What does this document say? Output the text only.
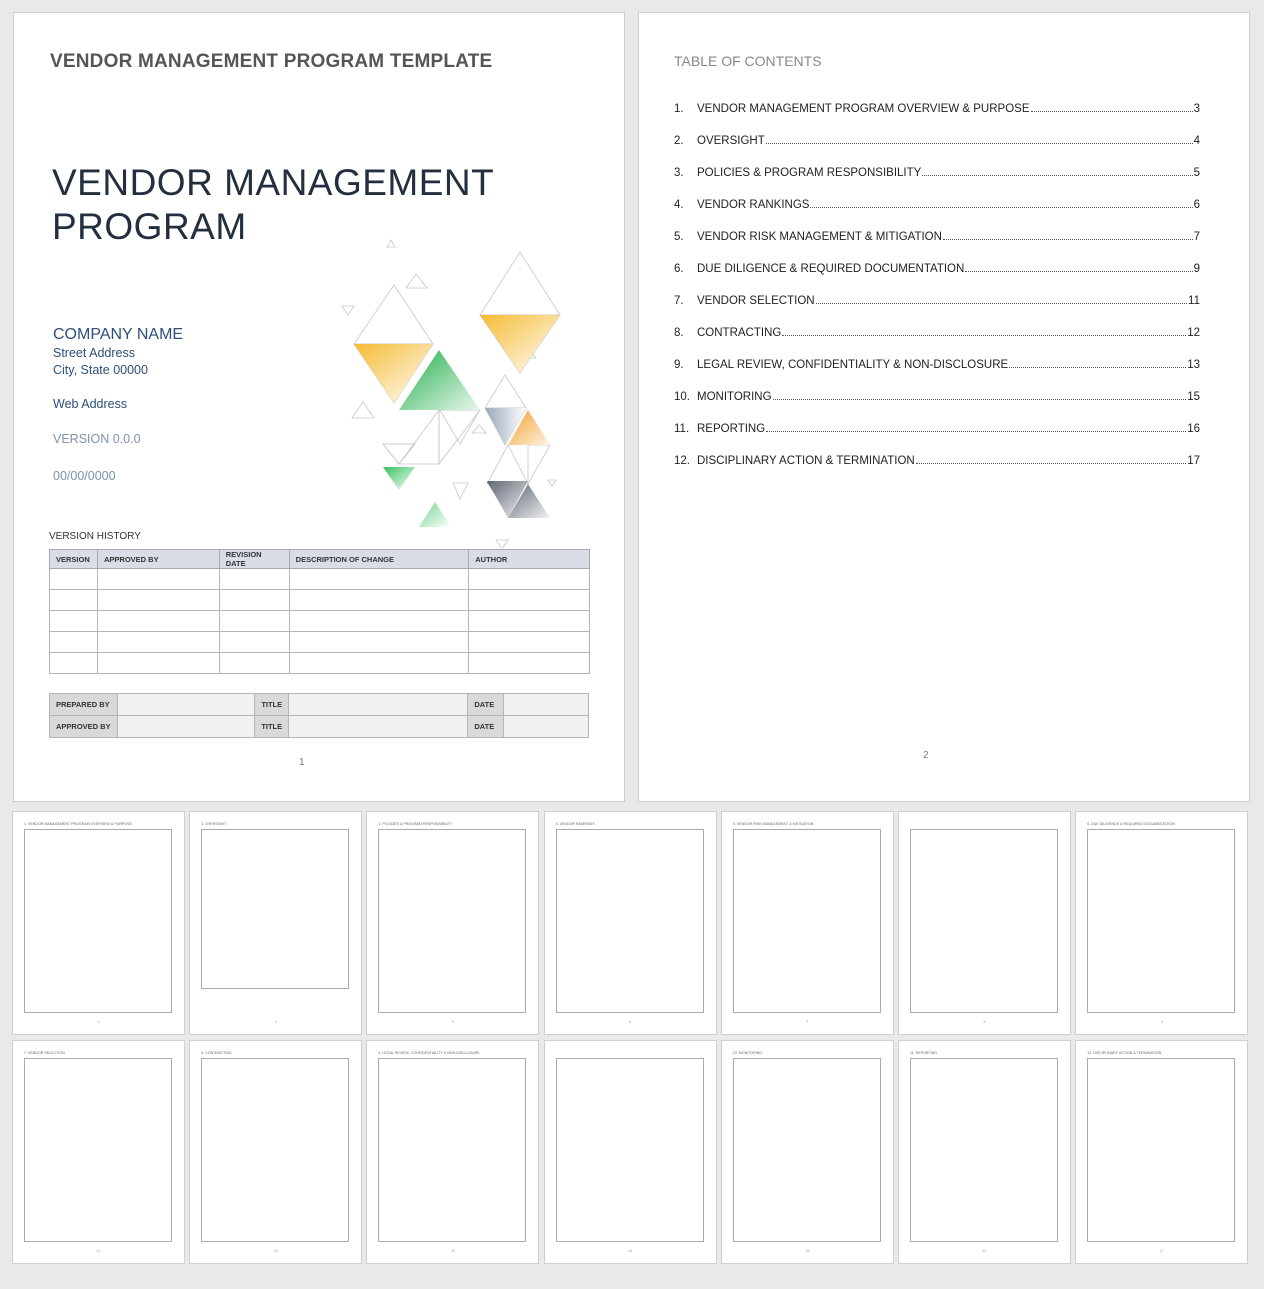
VENDOR MANAGEMENT PROGRAM TEMPLATE
VENDOR MANAGEMENT
PROGRAM
COMPANY NAME
Street Address
City, State 00000
Web Address
VERSION 0.0.0
00/00/0000
VERSION HISTORY
VERSION	APPROVED BY	REVISION DATE	DESCRIPTION OF CHANGE	AUTHOR

PREPARED BY		TITLE		DATE	
APPROVED BY		TITLE		DATE	
1
TABLE OF CONTENTS
1.	VENDOR MANAGEMENT PROGRAM OVERVIEW & PURPOSE	3
2.	OVERSIGHT	4
3.	POLICIES & PROGRAM RESPONSIBILITY	5
4.	VENDOR RANKINGS	6
5.	VENDOR RISK MANAGEMENT & MITIGATION	7
6.	DUE DILIGENCE & REQUIRED DOCUMENTATION	9
7.	VENDOR SELECTION	11
8.	CONTRACTING	12
9.	LEGAL REVIEW, CONFIDENTIALITY & NON-DISCLOSURE	13
10. MONITORING	15
11. REPORTING	16
12. DISCIPLINARY ACTION & TERMINATION	17
2
1. VENDOR MANAGEMENT PROGRAM OVERVIEW & PURPOSE
3
2. OVERSIGHT
4
3. POLICIES & PROGRAM RESPONSIBILITY
5
4. VENDOR RANKINGS
6
5. VENDOR RISK MANAGEMENT & MITIGATION
7	8
6. DUE DILIGENCE & REQUIRED DOCUMENTATION
9
7. VENDOR SELECTION
11
8. CONTRACTING
12
9. LEGAL REVIEW, CONFIDENTIALITY & NON-DISCLOSURE
13	14
10. MONITORING
15
11. REPORTING
16
12. DISCIPLINARY ACTION & TERMINATION
17
